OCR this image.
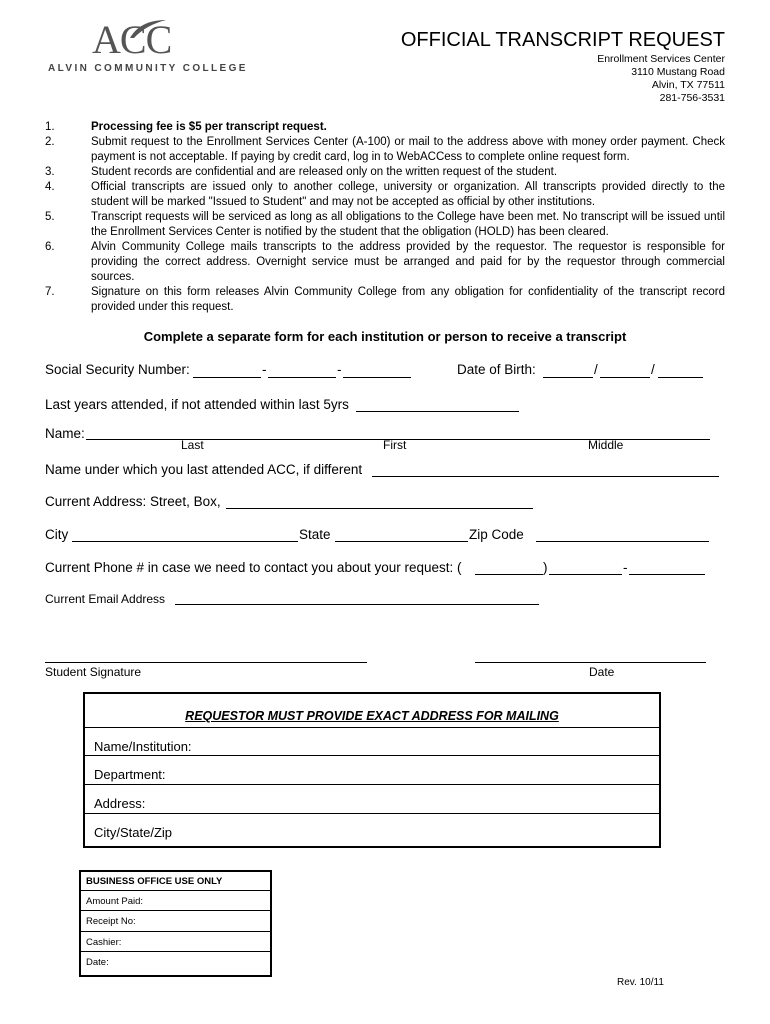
ACC
ALVIN COMMUNITY COLLEGE
OFFICIAL TRANSCRIPT REQUEST
Enrollment Services Center
3110 Mustang Road
Alvin, TX 77511
281-756-3531
1.	Processing fee is $5 per transcript request.
2.	Submit request to the Enrollment Services Center (A-100) or mail to the address above with money order payment. Check payment is not acceptable. If paying by credit card, log in to WebACCess to complete online request form.
3.	Student records are confidential and are released only on the written request of the student.
4.	Official transcripts are issued only to another college, university or organization. All transcripts provided directly to the student will be marked "Issued to Student" and may not be accepted as official by other institutions.
5.	Transcript requests will be serviced as long as all obligations to the College have been met. No transcript will be issued until the Enrollment Services Center is notified by the student that the obligation (HOLD) has been cleared.
6.	Alvin Community College mails transcripts to the address provided by the requestor. The requestor is responsible for providing the correct address. Overnight service must be arranged and paid for by the requestor through commercial sources.
7.	Signature on this form releases Alvin Community College from any obligation for confidentiality of the transcript record provided under this request.
Complete a separate form for each institution or person to receive a transcript
Social Security Number:	-	-	Date of Birth:	/	/
Last years attended, if not attended within last 5yrs
Name:
Last	First	Middle
Name under which you last attended ACC, if different
Current Address: Street, Box,
City	State	Zip Code
Current Phone # in case we need to contact you about your request: (	)	-
Current Email Address
Student Signature	Date
REQUESTOR MUST PROVIDE EXACT ADDRESS FOR MAILING
Name/Institution:
Department:
Address:
City/State/Zip
BUSINESS OFFICE USE ONLY
Amount Paid:
Receipt No:
Cashier:
Date:
Rev. 10/11
